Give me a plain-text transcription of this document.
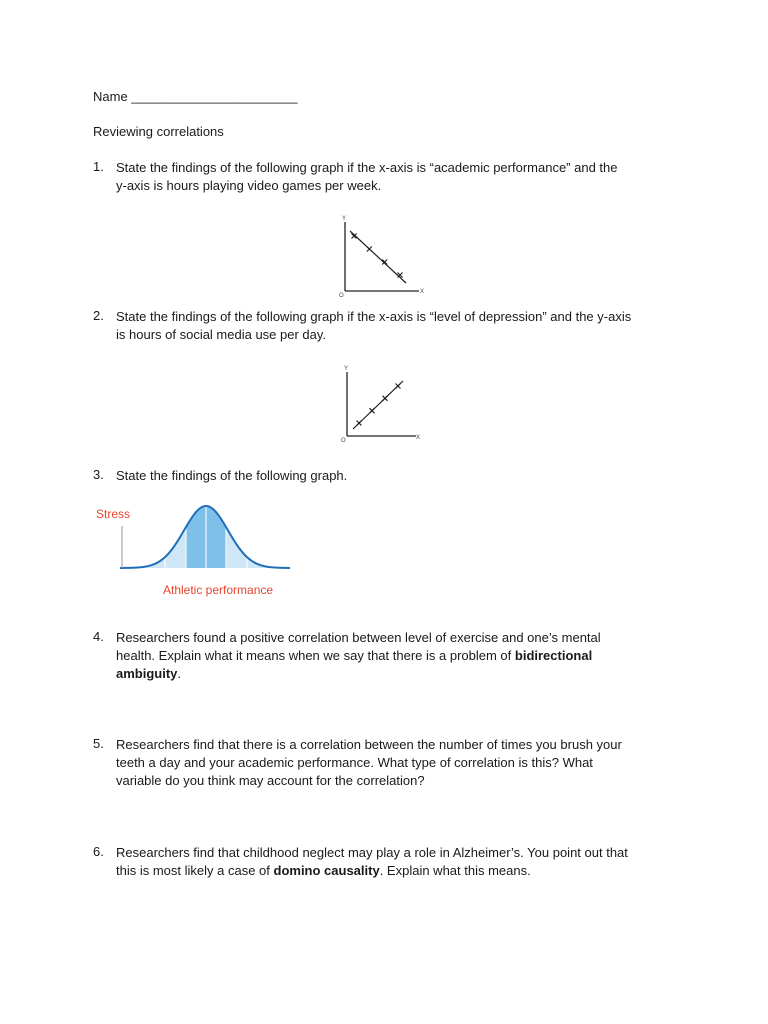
Name _______________________
Reviewing correlations
1. State the findings of the following graph if the x-axis is “academic performance” and the
y-axis is hours playing video games per week.
Y
X
O
2. State the findings of the following graph if the x-axis is “level of depression” and the y-axis
is hours of social media use per day.
Y
X
O
3. State the findings of the following graph.
Stress
Athletic performance
4. Researchers found a positive correlation between level of exercise and one’s mental
health. Explain what it means when we say that there is a problem of bidirectional
ambiguity.
5. Researchers find that there is a correlation between the number of times you brush your
teeth a day and your academic performance. What type of correlation is this? What
variable do you think may account for the correlation?
6. Researchers find that childhood neglect may play a role in Alzheimer’s. You point out that
this is most likely a case of domino causality. Explain what this means.
